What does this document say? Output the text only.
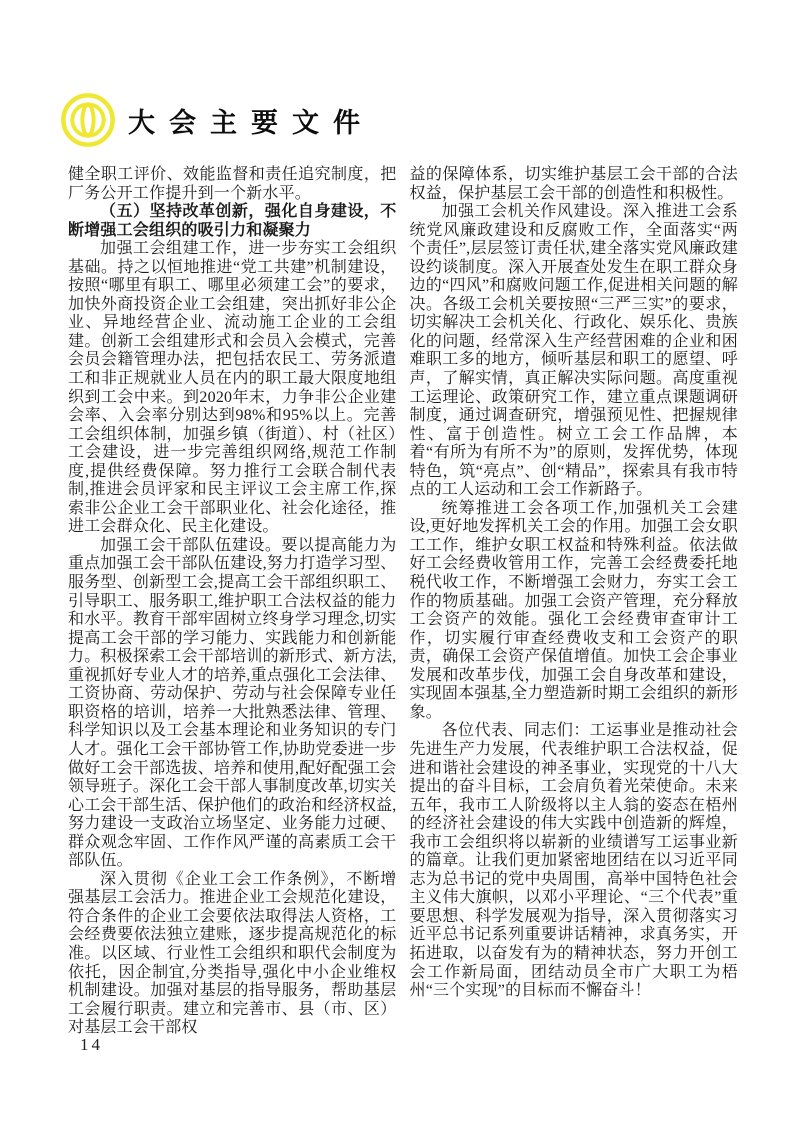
大会主要文件

健全职工评价、效能监督和责任追究制度，把厂务公开工作提升到一个新水平。

（五）坚持改革创新，强化自身建设，不断增强工会组织的吸引力和凝聚力

加强工会组建工作，进一步夯实工会组织基础。持之以恒地推进“党工共建”机制建设，按照“哪里有职工、哪里必须建工会”的要求，加快外商投资企业工会组建，突出抓好非公企业、异地经营企业、流动施工企业的工会组建。创新工会组建形式和会员入会模式，完善会员会籍管理办法，把包括农民工、劳务派遣工和非正规就业人员在内的职工最大限度地组织到工会中来。到2020年末，力争非公企业建会率、入会率分别达到98%和95%以上。完善工会组织体制，加强乡镇（街道）、村（社区）工会建设，进一步完善组织网络,规范工作制度,提供经费保障。努力推行工会联合制代表制,推进会员评家和民主评议工会主席工作,探索非公企业工会干部职业化、社会化途径，推进工会群众化、民主化建设。

加强工会干部队伍建设。要以提高能力为重点加强工会干部队伍建设,努力打造学习型、服务型、创新型工会,提高工会干部组织职工、引导职工、服务职工,维护职工合法权益的能力和水平。教育干部牢固树立终身学习理念,切实提高工会干部的学习能力、实践能力和创新能力。积极探索工会干部培训的新形式、新方法,重视抓好专业人才的培养,重点强化工会法律、工资协商、劳动保护、劳动与社会保障专业任职资格的培训，培养一大批熟悉法律、管理、科学知识以及工会基本理论和业务知识的专门人才。强化工会干部协管工作,协助党委进一步做好工会干部选拔、培养和使用,配好配强工会领导班子。深化工会干部人事制度改革,切实关心工会干部生活、保护他们的政治和经济权益,努力建设一支政治立场坚定、业务能力过硬、群众观念牢固、工作作风严谨的高素质工会干部队伍。

深入贯彻《企业工会工作条例》，不断增强基层工会活力。推进企业工会规范化建设，符合条件的企业工会要依法取得法人资格，工会经费要依法独立建账，逐步提高规范化的标准。以区域、行业性工会组织和职代会制度为依托，因企制宜,分类指导,强化中小企业维权机制建设。加强对基层的指导服务，帮助基层工会履行职责。建立和完善市、县（市、区）对基层工会干部权

益的保障体系，切实维护基层工会干部的合法权益，保护基层工会干部的创造性和积极性。

加强工会机关作风建设。深入推进工会系统党风廉政建设和反腐败工作，全面落实“两个责任”,层层签订责任状,建全落实党风廉政建设约谈制度。深入开展查处发生在职工群众身边的“四风”和腐败问题工作,促进相关问题的解决。各级工会机关要按照“三严三实”的要求，切实解决工会机关化、行政化、娱乐化、贵族化的问题，经常深入生产经营困难的企业和困难职工多的地方，倾听基层和职工的愿望、呼声，了解实情，真正解决实际问题。高度重视工运理论、政策研究工作，建立重点课题调研制度，通过调查研究，增强预见性、把握规律性、富于创造性。树立工会工作品牌，本着“有所为有所不为”的原则，发挥优势，体现特色，筑“亮点”、创“精品”，探索具有我市特点的工人运动和工会工作新路子。

统筹推进工会各项工作,加强机关工会建设,更好地发挥机关工会的作用。加强工会女职工工作，维护女职工权益和特殊利益。依法做好工会经费收管用工作，完善工会经费委托地税代收工作，不断增强工会财力，夯实工会工作的物质基础。加强工会资产管理，充分释放工会资产的效能。强化工会经费审查审计工作，切实履行审查经费收支和工会资产的职责，确保工会资产保值增值。加快工会企事业发展和改革步伐，加强工会自身改革和建设，实现固本强基,全力塑造新时期工会组织的新形象。

各位代表、同志们：工运事业是推动社会先进生产力发展，代表维护职工合法权益，促进和谐社会建设的神圣事业，实现党的十八大提出的奋斗目标，工会肩负着光荣使命。未来五年，我市工人阶级将以主人翁的姿态在梧州的经济社会建设的伟大实践中创造新的辉煌，我市工会组织将以崭新的业绩谱写工运事业新的篇章。让我们更加紧密地团结在以习近平同志为总书记的党中央周围，高举中国特色社会主义伟大旗帜，以邓小平理论、“三个代表”重要思想、科学发展观为指导，深入贯彻落实习近平总书记系列重要讲话精神，求真务实，开拓进取，以奋发有为的精神状态，努力开创工会工作新局面，团结动员全市广大职工为梧州“三个实现”的目标而不懈奋斗！

14
